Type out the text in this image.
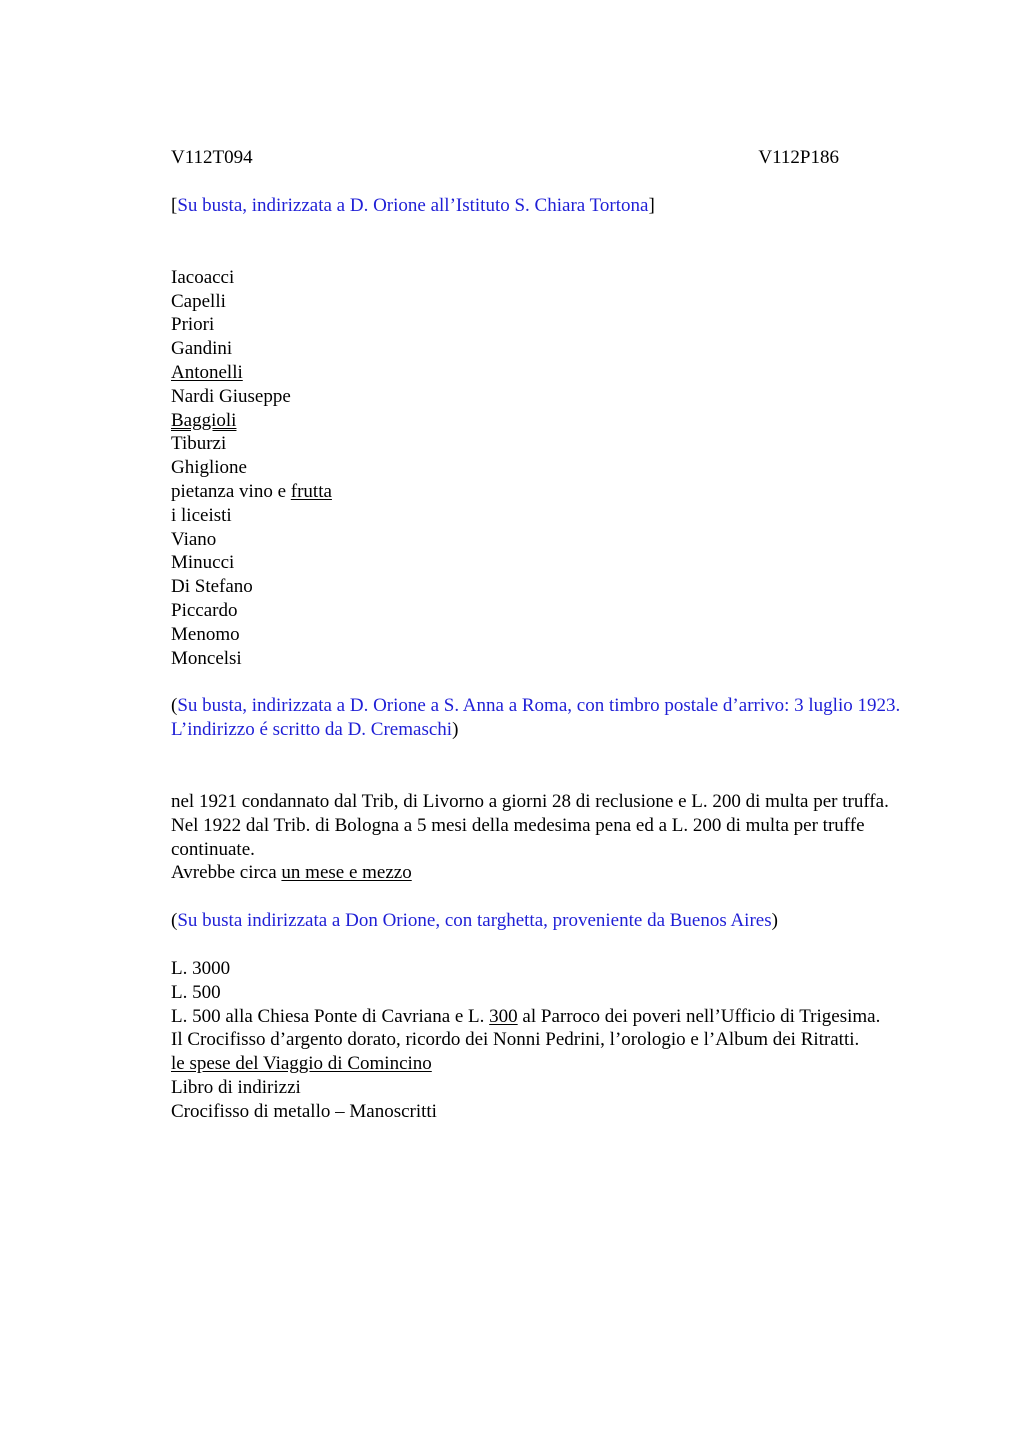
V112T094	V112P186

[Su busta, indirizzata a D. Orione all’Istituto S. Chiara Tortona]

Iacoacci

Capelli

Priori

Gandini

Antonelli

Nardi Giuseppe

Baggioli

Tiburzi

Ghiglione

pietanza vino e frutta

i liceisti

Viano

Minucci

Di Stefano

Piccardo

Menomo

Moncelsi

(Su busta, indirizzata a D. Orione a S. Anna a Roma, con timbro postale d’arrivo: 3 luglio 1923. L’indirizzo é scritto da D. Cremaschi)

nel 1921 condannato dal Trib, di Livorno a giorni 28 di reclusione e L. 200 di multa per truffa.

Nel 1922 dal Trib. di Bologna a 5 mesi della medesima pena ed a L. 200 di multa per truffe continuate.

Avrebbe circa un mese e mezzo

(Su busta indirizzata a Don Orione, con targhetta, proveniente da Buenos Aires)

L. 3000

L. 500

L. 500 alla Chiesa Ponte di Cavriana e L. 300 al Parroco dei poveri nell’Ufficio di Trigesima.

Il Crocifisso d’argento dorato, ricordo dei Nonni Pedrini, l’orologio e l’Album dei Ritratti.

le spese del Viaggio di Comincino

Libro di indirizzi

Crocifisso di metallo – Manoscritti
